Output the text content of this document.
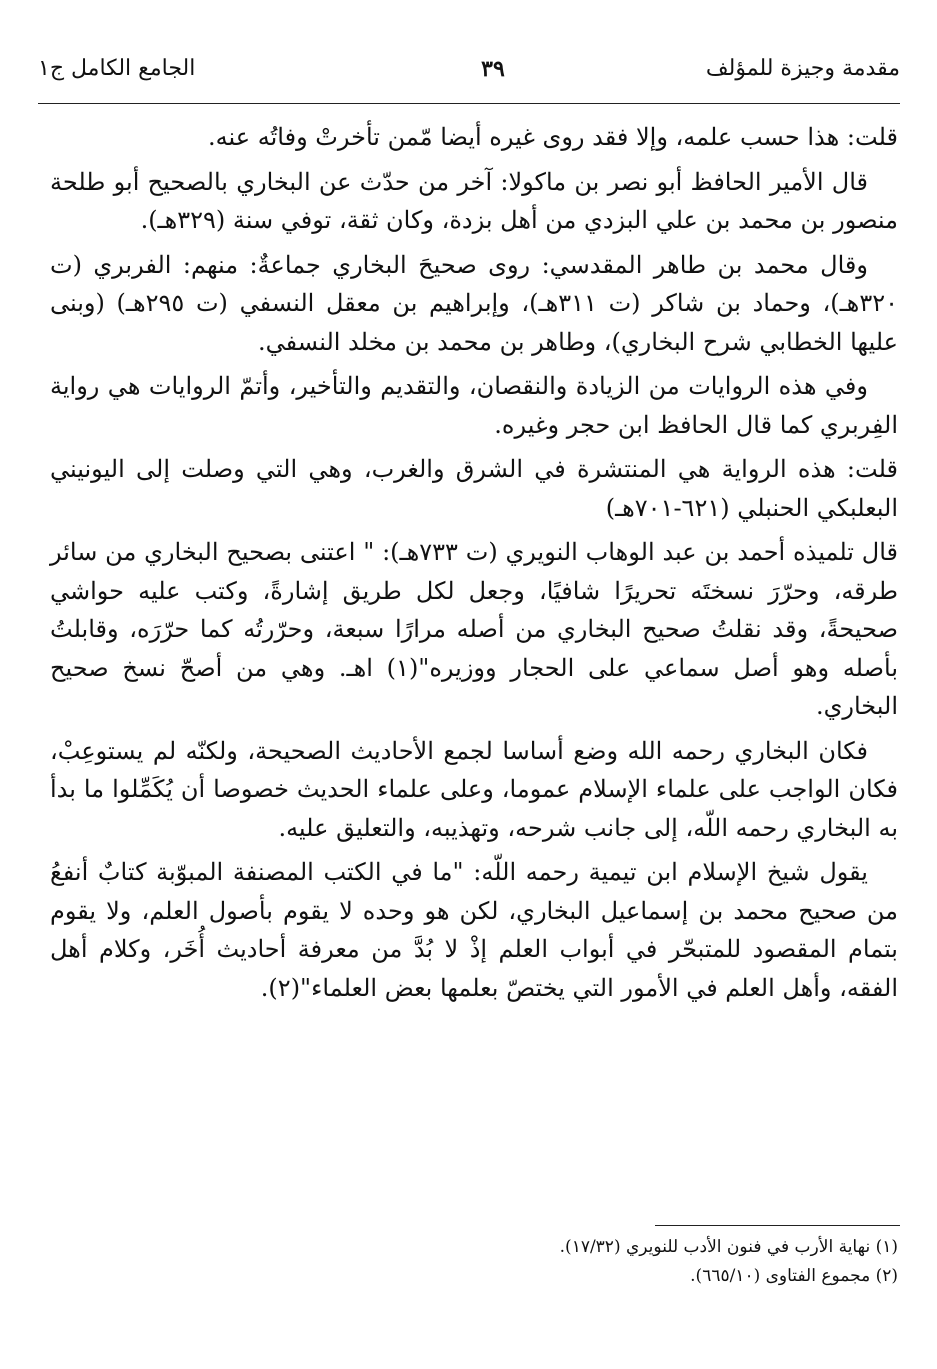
مقدمة وجيزة للمؤلف
٣٩
الجامع الكامل ج١

قلت: هذا حسب علمه، وإلا فقد روى غيره أيضا مّمن تأخرتْ وفاتُه عنه.

قال الأمير الحافظ أبو نصر بن ماكولا: آخر من حدّث عن البخاري بالصحيح أبو طلحة منصور بن محمد بن علي البزدي من أهل بزدة، وكان ثقة، توفي سنة (٣٢٩هـ).

وقال محمد بن طاهر المقدسي: روى صحيحَ البخاري جماعةٌ: منهم: الفربري (ت ٣٢٠هـ)، وحماد بن شاكر (ت ٣١١هـ)، وإبراهيم بن معقل النسفي (ت ٢٩٥هـ) (وبنى عليها الخطابي شرح البخاري)، وطاهر بن محمد بن مخلد النسفي.

وفي هذه الروايات من الزيادة والنقصان، والتقديم والتأخير، وأتمّ الروايات هي رواية الفِربري كما قال الحافظ ابن حجر وغيره.

قلت: هذه الرواية هي المنتشرة في الشرق والغرب، وهي التي وصلت إلى اليونيني البعلبكي الحنبلي (٦٢١-٧٠١هـ)

قال تلميذه أحمد بن عبد الوهاب النويري (ت ٧٣٣هـ): " اعتنى بصحيح البخاري من سائر طرقه، وحرّرَ نسختَه تحريرًا شافيًا، وجعل لكل طريق إشارةً، وكتب عليه حواشي صحيحةً، وقد نقلتُ صحيح البخاري من أصله مرارًا سبعة، وحرّرتُه كما حرّرَه، وقابلتُ بأصله وهو أصل سماعي على الحجار ووزيره"(١) اهـ. وهي من أصحّ نسخ صحيح البخاري.

فكان البخاري رحمه الله وضع أساسا لجمع الأحاديث الصحيحة، ولكنّه لم يستوعِبْ، فكان الواجب على علماء الإسلام عموما، وعلى علماء الحديث خصوصا أن يُكَمِّلوا ما بدأ به البخاري رحمه اللّه، إلى جانب شرحه، وتهذيبه، والتعليق عليه.

يقول شيخ الإسلام ابن تيمية رحمه اللّه: "ما في الكتب المصنفة المبوّبة كتابٌ أنفعُ من صحيح محمد بن إسماعيل البخاري، لكن هو وحده لا يقوم بأصول العلم، ولا يقوم بتمام المقصود للمتبحّر في أبواب العلم إذْ لا بُدَّ من معرفة أحاديث أُخَر، وكلام أهل الفقه، وأهل العلم في الأمور التي يختصّ بعلمها بعض العلماء"(٢).

(١) نهاية الأرب في فنون الأدب للنويري (١٧/٣٢).
(٢) مجموع الفتاوى (٦٦٥/١٠).
